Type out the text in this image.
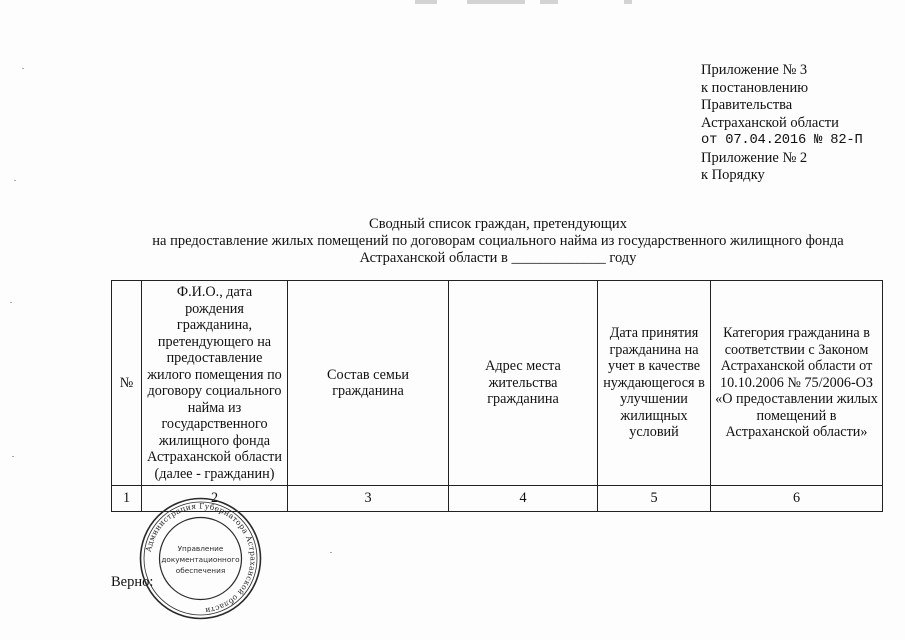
Приложение № 3
к постановлению
Правительства
Астраханской области
от 07.04.2016 № 82-П
Приложение № 2
к Порядку
Сводный список граждан, претендующих
на предоставление жилых помещений по договорам социального найма из государственного жилищного фонда
Астраханской области в _____________ году
№	Ф.И.О., дата рождения гражданина, претендующего на предоставление жилого помещения по договору социального найма из государственного жилищного фонда Астраханской области (далее - гражданин)	Состав семьи гражданина	Адрес места жительства гражданина	Дата принятия гражданина на учет в качестве нуждающегося в улучшении жилищных условий	Категория гражданина в соответствии с Законом Астраханской области от 10.10.2006 № 75/2006-ОЗ «О предоставлении жилых помещений в Астраханской области»
1	2	3	4	5	6
Верно:
Администрация Губернатора Астраханской области
Управление
документационного
обеспечения
